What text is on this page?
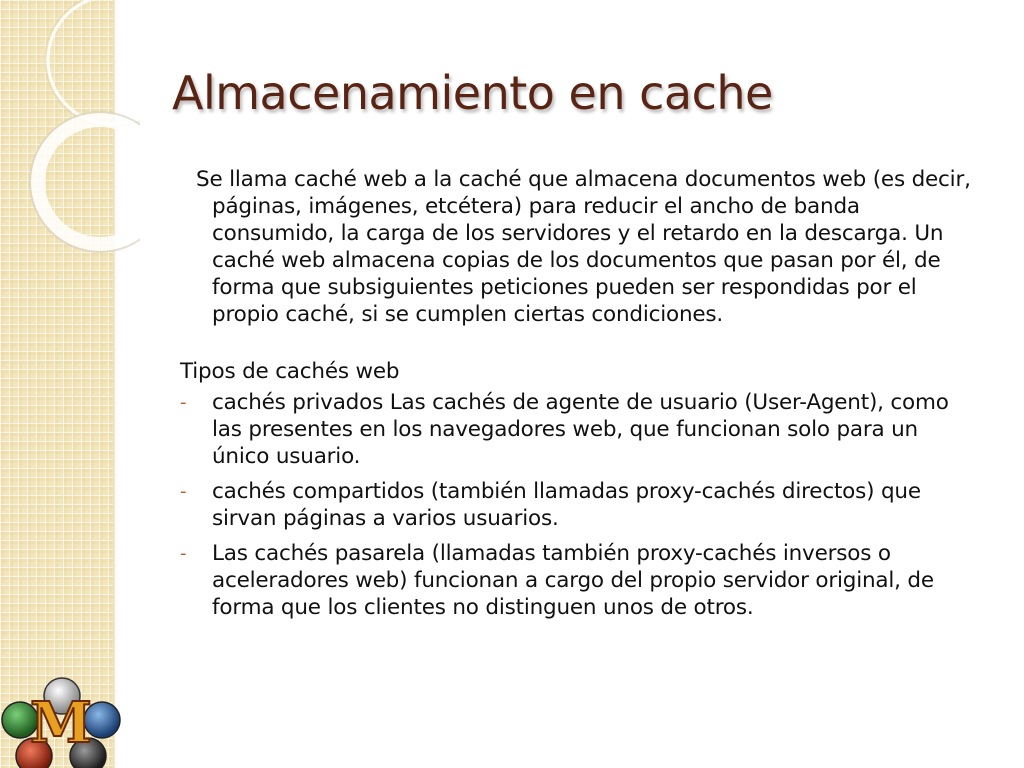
M
Almacenamiento en cache

Se llama caché web a la caché que almacena documentos web (es decir, páginas, imágenes, etcétera) para reducir el ancho de banda consumido, la carga de los servidores y el retardo en la descarga. Un caché web almacena copias de los documentos que pasan por él, de forma que subsiguientes peticiones pueden ser respondidas por el propio caché, si se cumplen ciertas condiciones.

Tipos de cachés web

-	cachés privados Las cachés de agente de usuario (User-Agent), como las presentes en los navegadores web, que funcionan solo para un único usuario.
-	cachés compartidos (también llamadas proxy-cachés directos) que sirvan páginas a varios usuarios.
-	Las cachés pasarela (llamadas también proxy-cachés inversos o aceleradores web) funcionan a cargo del propio servidor original, de forma que los clientes no distinguen unos de otros.
